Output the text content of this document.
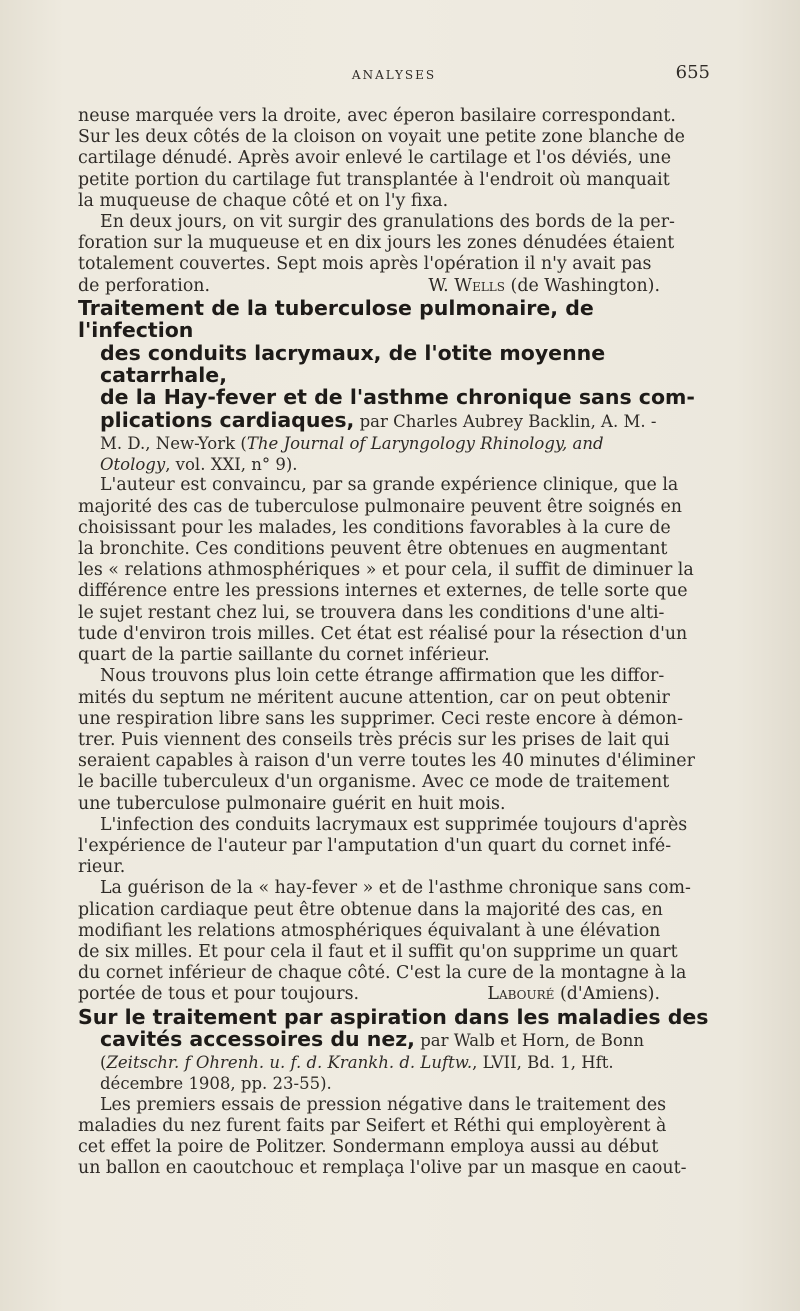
ANALYSES	655

neuse marquée vers la droite, avec éperon basilaire correspondant.

Sur les deux côtés de la cloison on voyait une petite zone blanche de

cartilage dénudé. Après avoir enlevé le cartilage et l'os déviés, une

petite portion du cartilage fut transplantée à l'endroit où manquait

la muqueuse de chaque côté et on l'y fixa.

En deux jours, on vit surgir des granulations des bords de la per-

foration sur la muqueuse et en dix jours les zones dénudées étaient

totalement couvertes. Sept mois après l'opération il n'y avait pas

de perforation.	W. Wells (de Washington).
Traitement de la tuberculose pulmonaire, de l'infection
des conduits lacrymaux, de l'otite moyenne catarrhale,
de la Hay-fever et de l'asthme chronique sans com-
plications cardiaques, par Charles Aubrey Backlin, A. M. -
M. D., New-York (The Journal of Laryngology Rhinology, and
Otology, vol. XXI, n° 9).

L'auteur est convaincu, par sa grande expérience clinique, que la

majorité des cas de tuberculose pulmonaire peuvent être soignés en

choisissant pour les malades, les conditions favorables à la cure de

la bronchite. Ces conditions peuvent être obtenues en augmentant

les « relations athmosphériques » et pour cela, il suffit de diminuer la

différence entre les pressions internes et externes, de telle sorte que

le sujet restant chez lui, se trouvera dans les conditions d'une alti-

tude d'environ trois milles. Cet état est réalisé pour la résection d'un

quart de la partie saillante du cornet inférieur.

Nous trouvons plus loin cette étrange affirmation que les diffor-

mités du septum ne méritent aucune attention, car on peut obtenir

une respiration libre sans les supprimer. Ceci reste encore à démon-

trer. Puis viennent des conseils très précis sur les prises de lait qui

seraient capables à raison d'un verre toutes les 40 minutes d'éliminer

le bacille tuberculeux d'un organisme. Avec ce mode de traitement

une tuberculose pulmonaire guérit en huit mois.

L'infection des conduits lacrymaux est supprimée toujours d'après

l'expérience de l'auteur par l'amputation d'un quart du cornet infé-

rieur.

La guérison de la « hay-fever » et de l'asthme chronique sans com-

plication cardiaque peut être obtenue dans la majorité des cas, en

modifiant les relations atmosphériques équivalant à une élévation

de six milles. Et pour cela il faut et il suffit qu'on supprime un quart

du cornet inférieur de chaque côté. C'est la cure de la montagne à la

portée de tous et pour toujours.	Labouré (d'Amiens).
Sur le traitement par aspiration dans les maladies des
cavités accessoires du nez, par Walb et Horn, de Bonn
(Zeitschr. f Ohrenh. u. f. d. Krankh. d. Luftw., LVII, Bd. 1, Hft.
décembre 1908, pp. 23-55).

Les premiers essais de pression négative dans le traitement des

maladies du nez furent faits par Seifert et Réthi qui employèrent à

cet effet la poire de Politzer. Sondermann employa aussi au début

un ballon en caoutchouc et remplaça l'olive par un masque en caout-
